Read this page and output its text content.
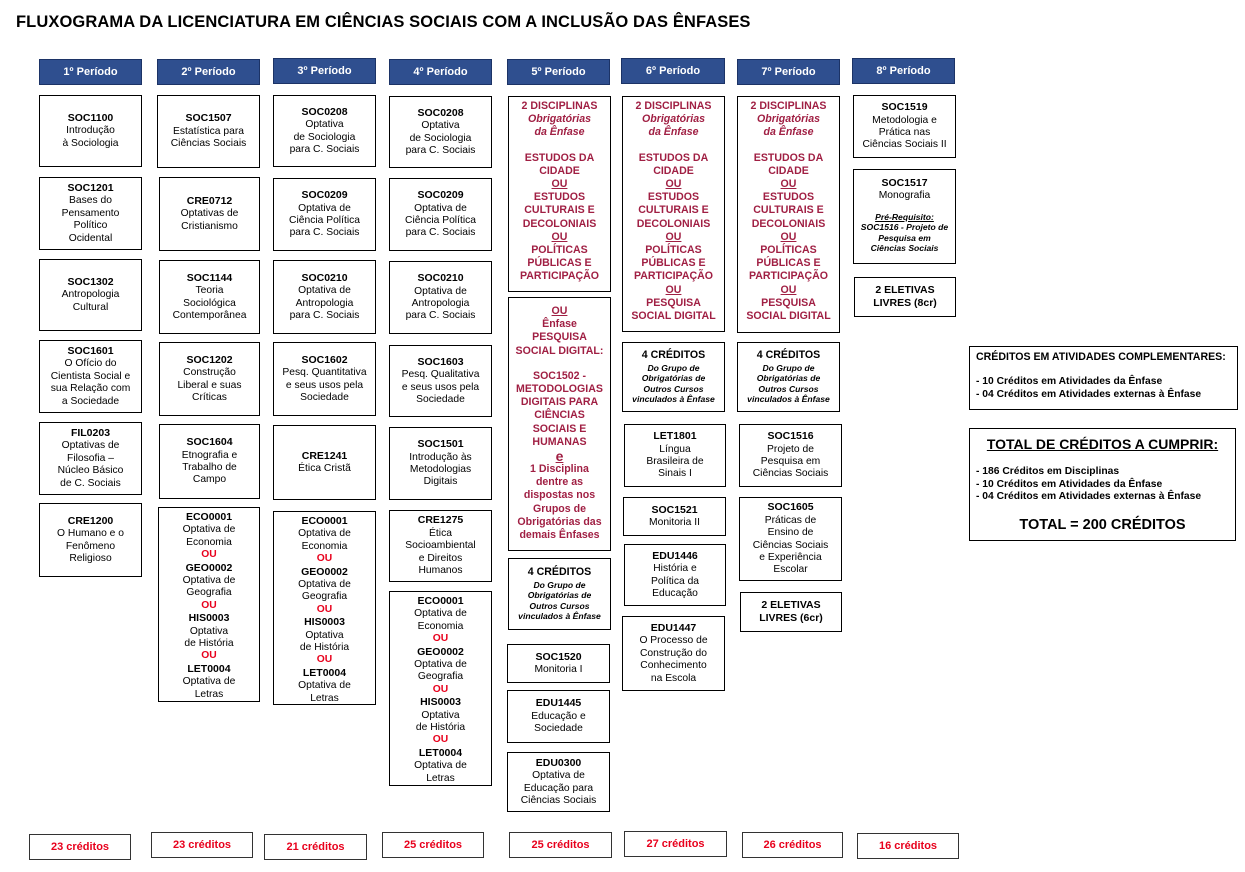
FLUXOGRAMA DA LICENCIATURA EM CIÊNCIAS SOCIAIS COM A INCLUSÃO DAS ÊNFASES
1º Período	2º Período	3º Período	4º Período	5º Período	6º Período	7º Período	8º Período
SOC1100
Introdução
à Sociologia
SOC1201
Bases do
Pensamento
Político
Ocidental
SOC1302
Antropologia
Cultural
SOC1601
O Ofício do
Cientista Social e
sua Relação com
a Sociedade
FIL0203
Optativas de
Filosofia –
Núcleo Básico
de C. Sociais
CRE1200
O Humano e o
Fenômeno
Religioso
SOC1507
Estatística para
Ciências Sociais
CRE0712
Optativas de
Cristianismo
SOC1144
Teoria
Sociológica
Contemporânea
SOC1202
Construção
Liberal e suas
Críticas
SOC1604
Etnografia e
Trabalho de
Campo
ECO0001
Optativa de
Economia
OU
GEO0002
Optativa de
Geografia
OU
HIS0003
Optativa
de História
OU
LET0004
Optativa de
Letras
SOC0208
Optativa
de Sociologia
para C. Sociais
SOC0209
Optativa de
Ciência Política
para C. Sociais
SOC0210
Optativa de
Antropologia
para C. Sociais
SOC1602
Pesq. Quantitativa
e seus usos pela
Sociedade
CRE1241
Ética Cristã
ECO0001
Optativa de
Economia
OU
GEO0002
Optativa de
Geografia
OU
HIS0003
Optativa
de História
OU
LET0004
Optativa de
Letras
SOC0208
Optativa
de Sociologia
para C. Sociais
SOC0209
Optativa de
Ciência Política
para C. Sociais
SOC0210
Optativa de
Antropologia
para C. Sociais
SOC1603
Pesq. Qualitativa
e seus usos pela
Sociedade
SOC1501
Introdução às
Metodologias
Digitais
CRE1275
Ética
Socioambiental
e Direitos
Humanos
ECO0001
Optativa de
Economia
OU
GEO0002
Optativa de
Geografia
OU
HIS0003
Optativa
de História
OU
LET0004
Optativa de
Letras
2 DISCIPLINAS
Obrigatórias
da Ênfase
ESTUDOS DA
CIDADE
OU
ESTUDOS
CULTURAIS E
DECOLONIAIS
OU
POLÍTICAS
PÚBLICAS E
PARTICIPAÇÃO
OU
Ênfase
PESQUISA
SOCIAL DIGITAL:
SOC1502 -
METODOLOGIAS
DIGITAIS PARA
CIÊNCIAS
SOCIAIS E
HUMANAS
e
1 Disciplina
dentre as
dispostas nos
Grupos de
Obrigatórias das
demais Ênfases
4 CRÉDITOS
Do Grupo de
Obrigatórias de
Outros Cursos
vinculados à Ênfase
SOC1520
Monitoria I
EDU1445
Educação e
Sociedade
EDU0300
Optativa de
Educação para
Ciências Sociais
2 DISCIPLINAS
Obrigatórias
da Ênfase
ESTUDOS DA
CIDADE
OU
ESTUDOS
CULTURAIS E
DECOLONIAIS
OU
POLÍTICAS
PÚBLICAS E
PARTICIPAÇÃO
OU
PESQUISA
SOCIAL DIGITAL
4 CRÉDITOS
Do Grupo de
Obrigatórias de
Outros Cursos
vinculados à Ênfase
LET1801
Língua
Brasileira de
Sinais I
SOC1521
Monitoria II
EDU1446
História e
Política da
Educação
EDU1447
O Processo de
Construção do
Conhecimento
na Escola
2 DISCIPLINAS
Obrigatórias
da Ênfase
ESTUDOS DA
CIDADE
OU
ESTUDOS
CULTURAIS E
DECOLONIAIS
OU
POLÍTICAS
PÚBLICAS E
PARTICIPAÇÃO
OU
PESQUISA
SOCIAL DIGITAL
4 CRÉDITOS
Do Grupo de
Obrigatórias de
Outros Cursos
vinculados à Ênfase
SOC1516
Projeto de
Pesquisa em
Ciências Sociais
SOC1605
Práticas de
Ensino de
Ciências Sociais
e Experiência
Escolar
2 ELETIVAS
LIVRES (6cr)
SOC1519
Metodologia e
Prática nas
Ciências Sociais II
SOC1517
Monografia
Pré-Requisito:
SOC1516 - Projeto de
Pesquisa em
Ciências Sociais
2 ELETIVAS
LIVRES (8cr)
CRÉDITOS EM ATIVIDADES COMPLEMENTARES:
- 10 Créditos em Atividades da Ênfase
- 04 Créditos em Atividades externas à Ênfase
TOTAL DE CRÉDITOS A CUMPRIR:
- 186 Créditos em Disciplinas
- 10 Créditos em Atividades da Ênfase
- 04 Créditos em Atividades externas à Ênfase
TOTAL = 200 CRÉDITOS
23 créditos	23 créditos	21 créditos	25 créditos	25 créditos	27 créditos	26 créditos	16 créditos
